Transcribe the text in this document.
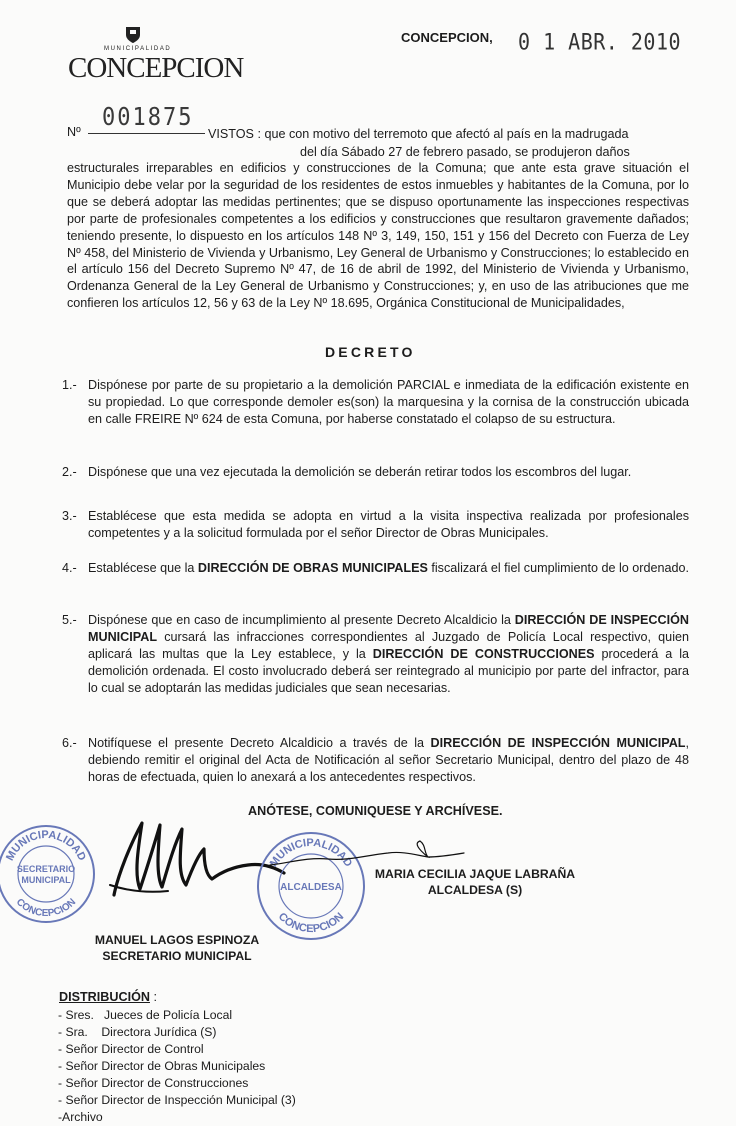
MUNICIPALIDAD
CONCEPCION
CONCEPCION, 0 1 ABR. 2010
Nº
001875
VISTOS : que con motivo del terremoto que afectó al país en la madrugada
del día Sábado 27 de febrero pasado, se produjeron daños
estructurales irreparables en edificios y construcciones de la Comuna; que ante esta grave situación el Municipio debe velar por la seguridad de los residentes de estos inmuebles y habitantes de la Comuna, por lo que se deberá adoptar las medidas pertinentes; que se dispuso oportunamente las inspecciones respectivas por parte de profesionales competentes a los edificios y construcciones que resultaron gravemente dañados; teniendo presente, lo dispuesto en los artículos 148 Nº 3, 149, 150, 151 y 156 del Decreto con Fuerza de Ley Nº 458, del Ministerio de Vivienda y Urbanismo, Ley General de Urbanismo y Construcciones; lo establecido en el artículo 156 del Decreto Supremo Nº 47, de 16 de abril de 1992, del Ministerio de Vivienda y Urbanismo, Ordenanza General de la Ley General de Urbanismo y Construcciones; y, en uso de las atribuciones que me confieren los artículos 12, 56 y 63 de la Ley Nº 18.695, Orgánica Constitucional de Municipalidades,
DECRETO
1.- Dispónese por parte de su propietario a la demolición PARCIAL e inmediata de la edificación existente en su propiedad. Lo que corresponde demoler es(son) la marquesina y la cornisa de la construcción ubicada en calle FREIRE Nº 624 de esta Comuna, por haberse constatado el colapso de su estructura.
2.- Dispónese que una vez ejecutada la demolición se deberán retirar todos los escombros del lugar.
3.- Establécese que esta medida se adopta en virtud a la visita inspectiva realizada por profesionales competentes y a la solicitud formulada por el señor Director de Obras Municipales.
4.- Establécese que la DIRECCIÓN DE OBRAS MUNICIPALES fiscalizará el fiel cumplimiento de lo ordenado.
5.- Dispónese que en caso de incumplimiento al presente Decreto Alcaldicio la DIRECCIÓN DE INSPECCIÓN MUNICIPAL cursará las infracciones correspondientes al Juzgado de Policía Local respectivo, quien aplicará las multas que la Ley establece, y la DIRECCIÓN DE CONSTRUCCIONES procederá a la demolición ordenada. El costo involucrado deberá ser reintegrado al municipio por parte del infractor, para lo cual se adoptarán las medidas judiciales que sean necesarias.
6.- Notifíquese el presente Decreto Alcaldicio a través de la DIRECCIÓN DE INSPECCIÓN MUNICIPAL, debiendo remitir el original del Acta de Notificación al señor Secretario Municipal, dentro del plazo de 48 horas de efectuada, quien lo anexará a los antecedentes respectivos.
ANÓTESE, COMUNIQUESE Y ARCHÍVESE.
MUNICIPALIDAD
CONCEPCION
SECRETARIO
MUNICIPAL
MUNICIPALIDAD
CONCEPCION
ALCALDESA
MARIA CECILIA JAQUE LABRAÑA
ALCALDESA (S)
MANUEL LAGOS ESPINOZA
SECRETARIO MUNICIPAL
DISTRIBUCIÓN :
- Sres.   Jueces de Policía Local
- Sra.    Directora Jurídica (S)
- Señor Director de Control
- Señor Director de Obras Municipales
- Señor Director de Construcciones
- Señor Director de Inspección Municipal (3)
-Archivo
